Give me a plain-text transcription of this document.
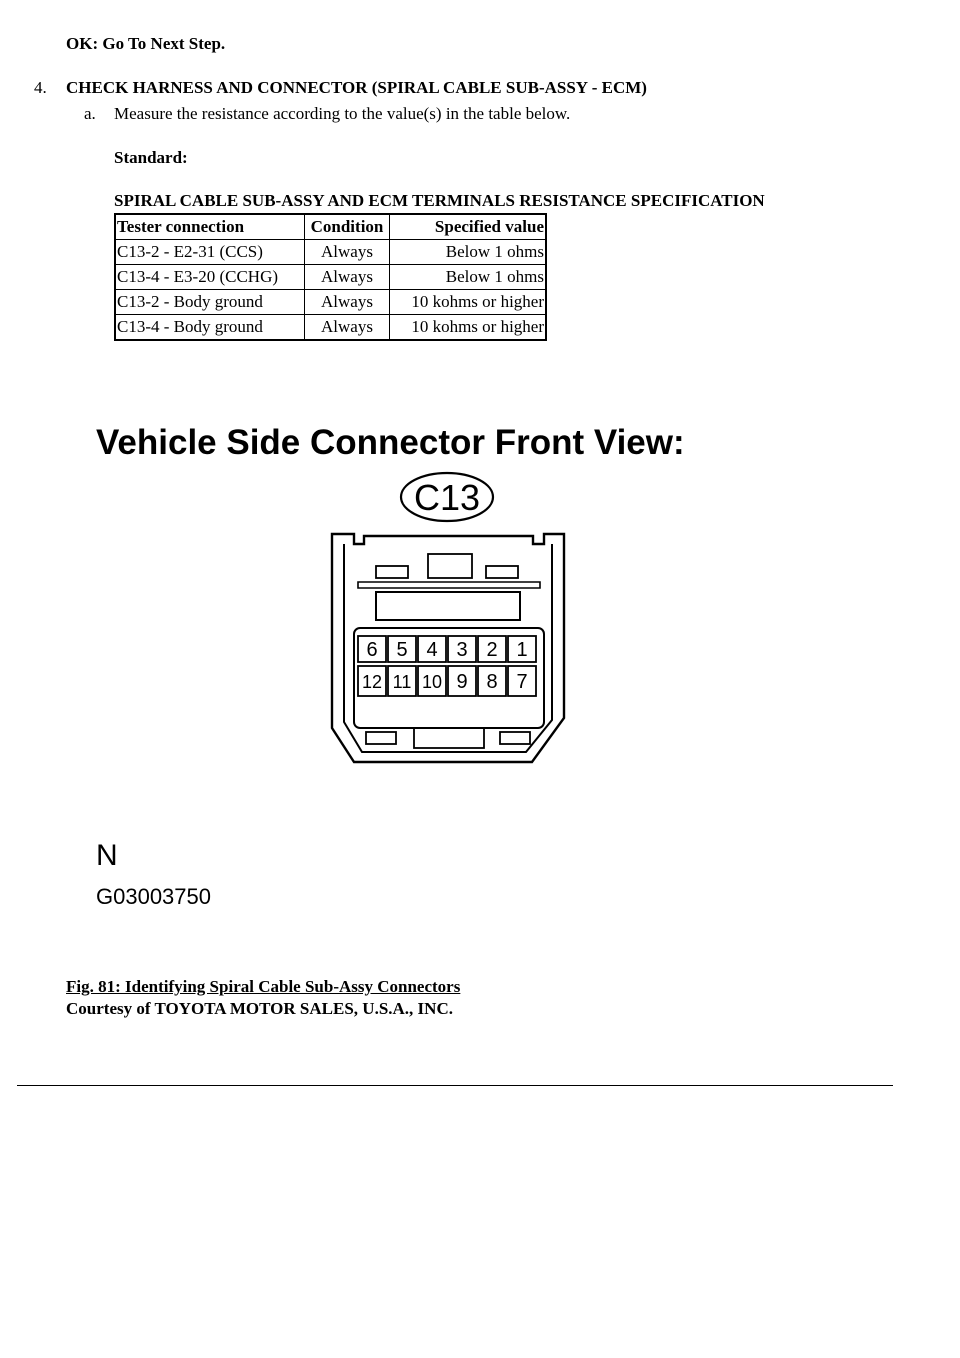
OK: Go To Next Step.
4. CHECK HARNESS AND CONNECTOR (SPIRAL CABLE SUB-ASSY - ECM)
a. Measure the resistance according to the value(s) in the table below.
Standard:
SPIRAL CABLE SUB-ASSY AND ECM TERMINALS RESISTANCE SPECIFICATION
Tester connection	Condition	Specified value
C13-2 - E2-31 (CCS)	Always	Below 1 ohms
C13-4 - E3-20 (CCHG)	Always	Below 1 ohms
C13-2 - Body ground	Always	10 kohms or higher
C13-4 - Body ground	Always	10 kohms or higher
Vehicle Side Connector Front View:
C13
6 5 4 3 2 1
12 11 10 9 8 7
N
G03003750
Fig. 81: Identifying Spiral Cable Sub-Assy Connectors
Courtesy of TOYOTA MOTOR SALES, U.S.A., INC.
